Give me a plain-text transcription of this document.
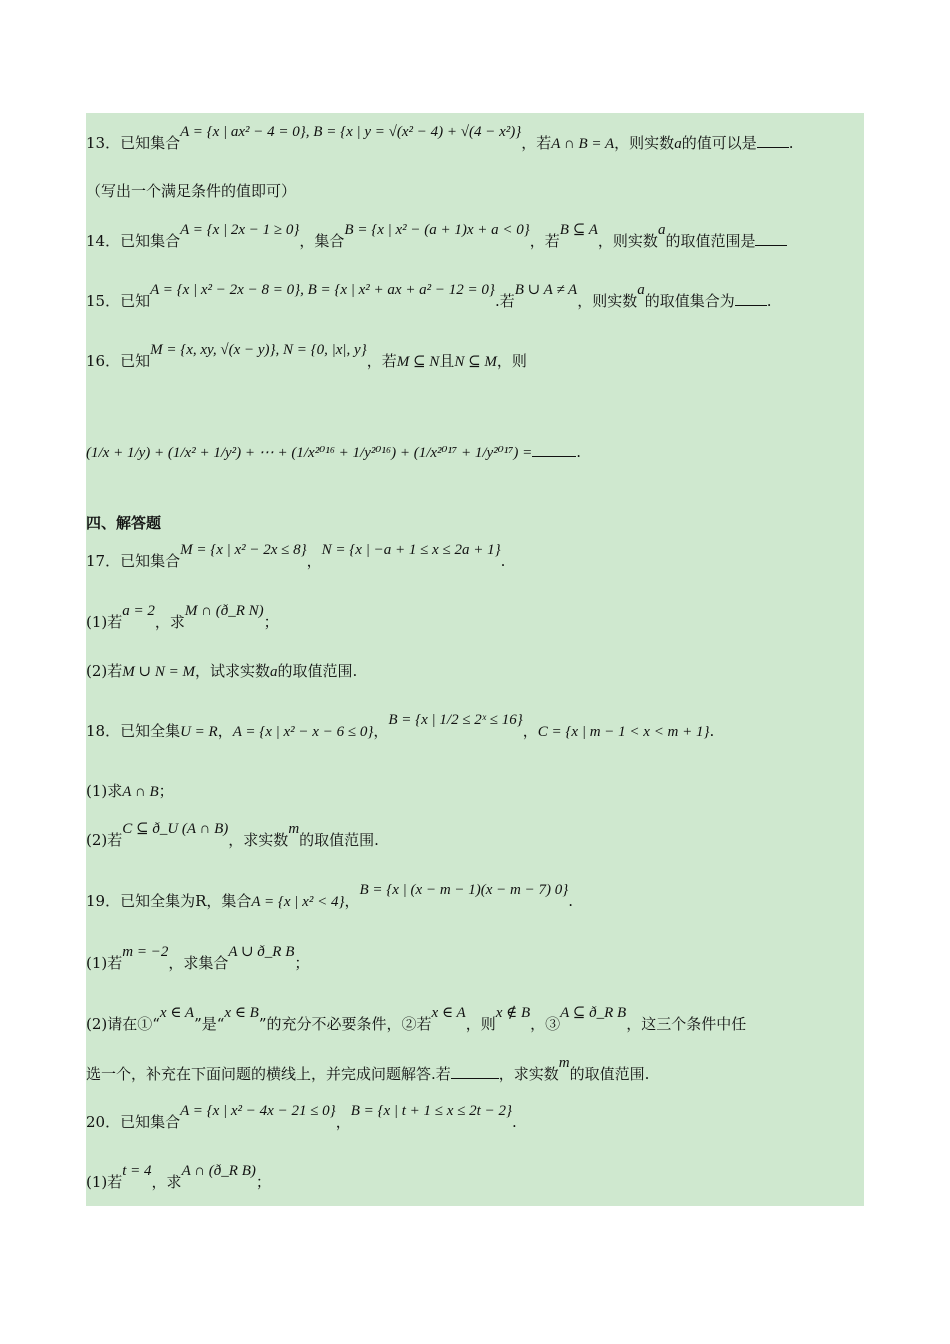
13．已知集合A = {x | ax² − 4 = 0}, B = {x | y = √(x² − 4) + √(4 − x²)}，若A ∩ B = A，则实数a的值可以是 .
（写出一个满足条件的值即可）
14．已知集合A = {x | 2x − 1 ≥ 0}，集合B = {x | x² − (a + 1)x + a < 0}，若B ⊆ A，则实数a的取值范围是
15．已知A = {x | x² − 2x − 8 = 0}, B = {x | x² + ax + a² − 12 = 0}.若B ∪ A ≠ A，则实数a的取值集合为 .
16．已知M = {x, xy, √(x − y)}, N = {0, |x|, y}，若M ⊆ N且N ⊆ M，则
(1/x + 1/y) + (1/x² + 1/y²) + ⋯ + (1/x²⁰¹⁶ + 1/y²⁰¹⁶) + (1/x²⁰¹⁷ + 1/y²⁰¹⁷) =	.
四、解答题
17．已知集合M = {x | x² − 2x ≤ 8}，N = {x | −a + 1 ≤ x ≤ 2a + 1}.
(1)若a = 2，求M ∩ (ð_R N)；
(2)若M ∪ N = M，试求实数a的取值范围.
18．已知全集U = R，A = {x | x² − x − 6 ≤ 0}，B = {x | 1/2 ≤ 2ˣ ≤ 16}，C = {x | m − 1 < x < m + 1}.
(1)求A ∩ B；
(2)若C ⊆ ð_U (A ∩ B)，求实数m的取值范围.
19．已知全集为R，集合A = {x | x² < 4}，B = {x | (x − m − 1)(x − m − 7) 0}.
(1)若m = −2，求集合A ∪ ð_R B；
(2)请在①“x ∈ A”是“x ∈ B”的充分不必要条件，②若x ∈ A，则x ∉ B，③A ⊆ ð_R B，这三个条件中任
选一个，补充在下面问题的横线上，并完成问题解答.若	，求实数m的取值范围.
20．已知集合A = {x | x² − 4x − 21 ≤ 0}，B = {x | t + 1 ≤ x ≤ 2t − 2}.
(1)若t = 4，求A ∩ (ð_R B)；
